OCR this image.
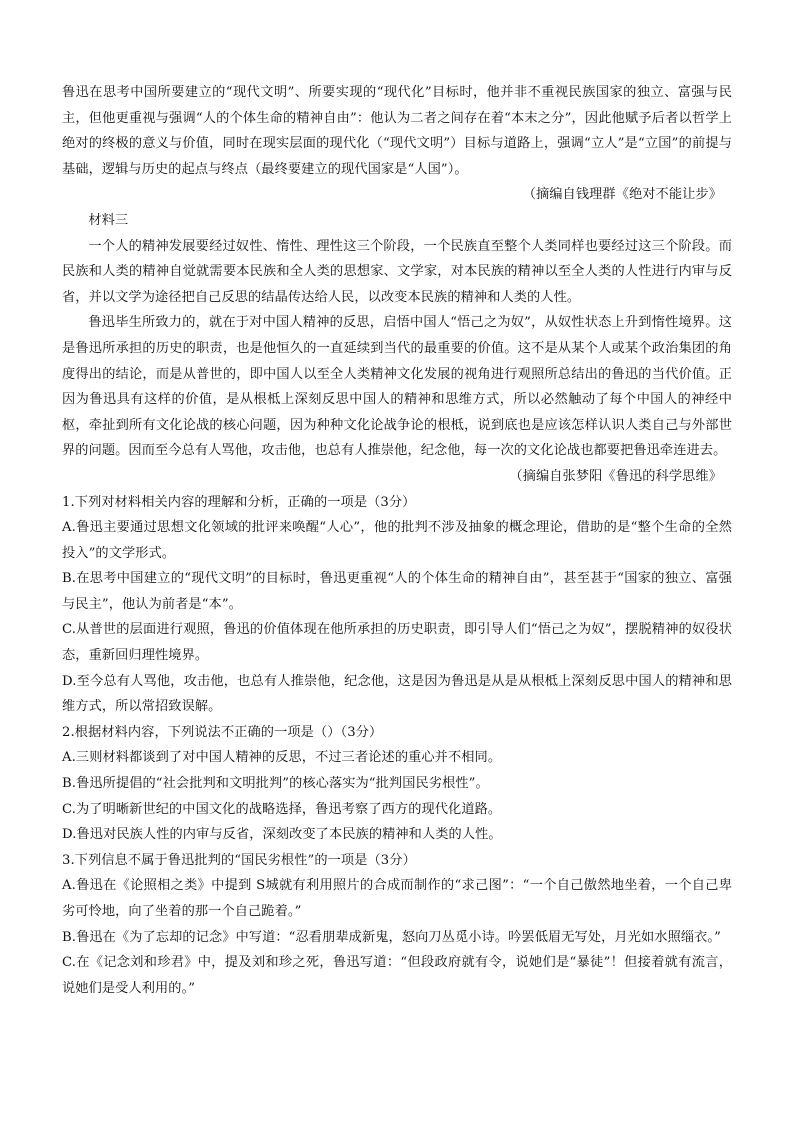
鲁迅在思考中国所要建立的“现代文明”、所要实现的“现代化”目标时，他并非不重视民族国家的独立、富强与民主，但他更重视与强调“人的个体生命的精神自由”：他认为二者之间存在着“本末之分”，因此他赋予后者以哲学上绝对的终极的意义与价值，同时在现实层面的现代化（“现代文明”）目标与道路上，强调“立人”是“立国”的前提与基础，逻辑与历史的起点与终点（最终要建立的现代国家是“人国”）。

（摘编自钱理群《绝对不能让步》

材料三

一个人的精神发展要经过奴性、惰性、理性这三个阶段，一个民族直至整个人类同样也要经过这三个阶段。而民族和人类的精神自觉就需要本民族和全人类的思想家、文学家，对本民族的精神以至全人类的人性进行内审与反省，并以文学为途径把自己反思的结晶传达给人民，以改变本民族的精神和人类的人性。

鲁迅毕生所致力的，就在于对中国人精神的反思，启悟中国人“悟己之为奴”，从奴性状态上升到惰性境界。这是鲁迅所承担的历史的职责，也是他恒久的一直延续到当代的最重要的价值。这不是从某个人或某个政治集团的角度得出的结论，而是从普世的，即中国人以至全人类精神文化发展的视角进行观照所总结出的鲁迅的当代价值。正因为鲁迅具有这样的价值，是从根柢上深刻反思中国人的精神和思维方式，所以必然触动了每个中国人的神经中枢，牵扯到所有文化论战的核心问题，因为种种文化论战争论的根柢，说到底也是应该怎样认识人类自己与外部世界的问题。因而至今总有人骂他，攻击他，也总有人推崇他，纪念他，每一次的文化论战也都要把鲁迅牵连进去。

（摘编自张梦阳《鲁迅的科学思维》

1.下列对材料相关内容的理解和分析，正确的一项是（3分）

A.鲁迅主要通过思想文化领域的批评来唤醒“人心”，他的批判不涉及抽象的概念理论，借助的是“整个生命的全然投入”的文学形式。

B.在思考中国建立的“现代文明”的目标时，鲁迅更重视“人的个体生命的精神自由”，甚至甚于“国家的独立、富强与民主”，他认为前者是“本”。

C.从普世的层面进行观照，鲁迅的价值体现在他所承担的历史职责，即引导人们“悟己之为奴”，摆脱精神的奴役状态，重新回归理性境界。

D.至今总有人骂他，攻击他，也总有人推崇他，纪念他，这是因为鲁迅是从是从根柢上深刻反思中国人的精神和思维方式，所以常招致误解。

2.根据材料内容，下列说法不正确的一项是（）（3分）

A.三则材料都谈到了对中国人精神的反思，不过三者论述的重心并不相同。

B.鲁迅所提倡的“社会批判和文明批判”的核心落实为“批判国民劣根性”。

C.为了明晰新世纪的中国文化的战略选择，鲁迅考察了西方的现代化道路。

D.鲁迅对民族人性的内审与反省，深刻改变了本民族的精神和人类的人性。

3.下列信息不属于鲁迅批判的“国民劣根性”的一项是（3分）

A.鲁迅在《论照相之类》中提到 S城就有利用照片的合成而制作的“求己图”：“一个自己傲然地坐着，一个自己卑劣可怜地，向了坐着的那一个自己跪着。”

B.鲁迅在《为了忘却的记念》中写道：“忍看朋辈成新鬼，怒向刀丛觅小诗。吟罢低眉无写处，月光如水照缁衣。”

C.在《记念刘和珍君》中，提及刘和珍之死，鲁迅写道：“但段政府就有令，说她们是“暴徒”！但接着就有流言，说她们是受人利用的。”
